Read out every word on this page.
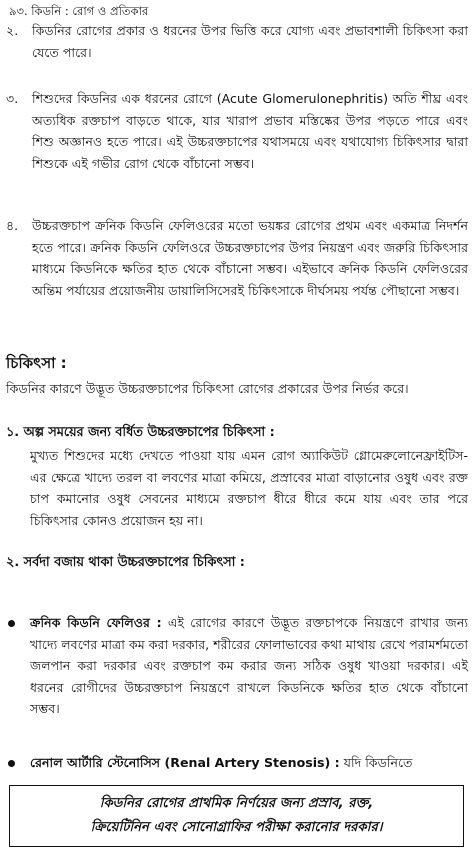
৯৩. কিডনি : রোগ ও প্রতিকার
২. কিডনির রোগের প্রকার ও ধরনের উপর ভিত্তি করে যোগ্য এবং প্রভাবশালী চিকিৎসা করা যেতে পারে।
৩. শিশুদের কিডনির এক ধরনের রোগে (Acute Glomerulonephritis) অতি শীঘ্র এবং অত্যধিক রক্তচাপ বাড়তে থাকে, যার খারাপ প্রভাব মস্তিষ্কের উপর পড়তে পারে এবং শিশু অজ্ঞানও হতে পারে। এই উচ্চরক্তচাপের যথাসময়ে এবং যথাযোগ্য চিকিৎসার দ্বারা শিশুকে এই গভীর রোগ থেকে বাঁচানো সম্ভব।
৪. উচ্চরক্তচাপ ক্রনিক কিডনি ফেলিওরের মতো ভয়ঙ্কর রোগের প্রথম এবং একমাত্র নিদর্শন হতে পারে। ক্রনিক কিডনি ফেলিওরে উচ্চরক্তচাপের উপর নিয়ন্ত্রণ এবং জরুরি চিকিৎসার মাধ্যমে কিডনিকে ক্ষতির হাত থেকে বাঁচানো সম্ভব। এইভাবে ক্রনিক কিডনি ফেলিওরের অন্তিম পর্যায়ের প্রয়োজনীয় ডায়ালিসিসেরই চিকিৎসাকে দীর্ঘসময় পর্যন্ত পৌছানো সম্ভব।
চিকিৎসা :
কিডনির কারণে উদ্ভূত উচ্চরক্তচাপের চিকিৎসা রোগের প্রকারের উপর নির্ভর করে।
১. অল্প সময়ের জন্য বর্ধিত উচ্চরক্তচাপের চিকিৎসা :
মুখ্যত শিশুদের মধ্যে দেখতে পাওয়া যায় এমন রোগ অ্যাকিউট গ্লোমেরুলোনেফ্রাইটিস-এর ক্ষেত্রে খাদ্যে তরল বা লবণের মাত্রা কমিয়ে, প্রস্রাবের মাত্রা বাড়ানোর ওষুধ এবং রক্ত চাপ কমানোর ওষুধ সেবনের মাধ্যমে রক্তচাপ ধীরে ধীরে কমে যায় এবং তার পরে চিকিৎসার কোনও প্রয়োজন হয় না।
২. সর্বদা বজায় থাকা উচ্চরক্তচাপের চিকিৎসা :
ক্রনিক কিডনি ফেলিওর : এই রোগের কারণে উদ্ভূত রক্তচাপকে নিয়ন্ত্রণে রাখার জন্য খাদ্যে লবণের মাত্রা কম করা দরকার, শরীরের ফোলাভাবের কথা মাথায় রেখে পরামর্শমতো জলপান করা দরকার এবং রক্তচাপ কম করার জন্য সঠিক ওষুধ খাওয়া দরকার। এই ধরনের রোগীদের উচ্চরক্তচাপ নিয়ন্ত্রণে রাখলে কিডনিকে ক্ষতির হাত থেকে বাঁচানো সম্ভব।
রেনাল আর্টারি স্টেনোসিস (Renal Artery Stenosis) : যদি কিডনিতে
কিডনির রোগের প্রাথমিক নির্ণয়ের জন্য প্রস্রাব, রক্ত,
ক্রিয়েটিনিন এবং সোনোগ্রাফির পরীক্ষা করানোর দরকার।
